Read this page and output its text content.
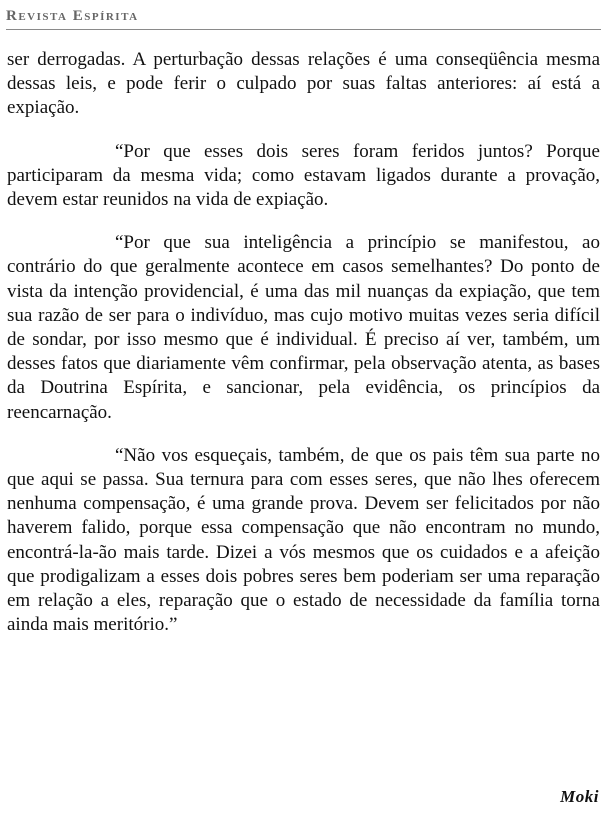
Revista Espírita

ser derrogadas. A perturbação dessas relações é uma conseqüência mesma dessas leis, e pode ferir o culpado por suas faltas anteriores: aí está a expiação.

“Por que esses dois seres foram feridos juntos? Porque participaram da mesma vida; como estavam ligados durante a provação, devem estar reunidos na vida de expiação.

“Por que sua inteligência a princípio se manifestou, ao contrário do que geralmente acontece em casos semelhantes? Do ponto de vista da intenção providencial, é uma das mil nuanças da expiação, que tem sua razão de ser para o indivíduo, mas cujo motivo muitas vezes seria difícil de sondar, por isso mesmo que é individual. É preciso aí ver, também, um desses fatos que diariamente vêm confirmar, pela observação atenta, as bases da Doutrina Espírita, e sancionar, pela evidência, os princípios da reencarnação.

“Não vos esqueçais, também, de que os pais têm sua parte no que aqui se passa. Sua ternura para com esses seres, que não lhes oferecem nenhuma compensação, é uma grande prova. Devem ser felicitados por não haverem falido, porque essa compensação que não encontram no mundo, encontrá-la-ão mais tarde. Dizei a vós mesmos que os cuidados e a afeição que prodigalizam a esses dois pobres seres bem poderiam ser uma reparação em relação a eles, reparação que o estado de necessidade da família torna ainda mais meritório.”

Moki
